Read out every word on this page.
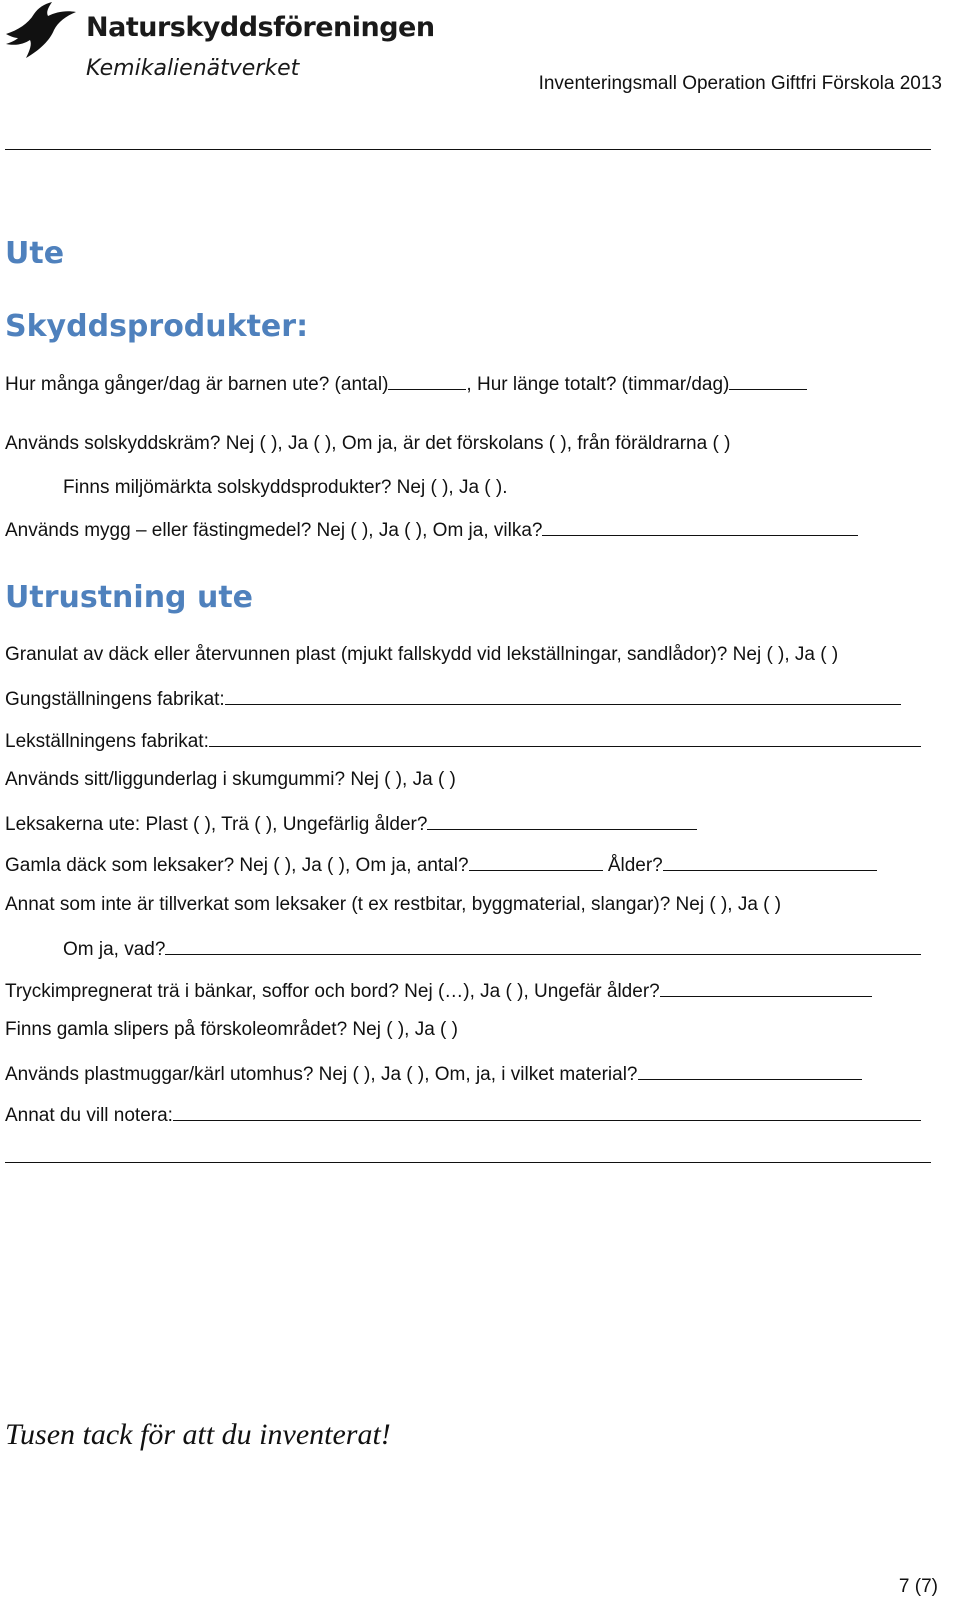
Naturskyddsföreningen
Kemikalienätverket
Inventeringsmall Operation Giftfri Förskola 2013
Ute
Skyddsprodukter:
Hur många gånger/dag är barnen ute? (antal)	, Hur länge totalt? (timmar/dag)
Används solskyddskräm? Nej ( ), Ja ( ), Om ja, är det förskolans ( ), från föräldrarna ( )
Finns miljömärkta solskyddsprodukter? Nej ( ), Ja ( ).
Används mygg – eller fästingmedel? Nej ( ), Ja ( ), Om ja, vilka?
Utrustning ute
Granulat av däck eller återvunnen plast (mjukt fallskydd vid lekställningar, sandlådor)? Nej ( ), Ja ( )
Gungställningens fabrikat:
Lekställningens fabrikat:
Används sitt/liggunderlag i skumgummi? Nej ( ), Ja ( )
Leksakerna ute: Plast ( ), Trä ( ), Ungefärlig ålder?
Gamla däck som leksaker? Nej ( ), Ja ( ), Om ja, antal?	Ålder?
Annat som inte är tillverkat som leksaker (t ex restbitar, byggmaterial, slangar)? Nej ( ), Ja ( )
Om ja, vad?
Tryckimpregnerat trä i bänkar, soffor och bord? Nej (…), Ja ( ), Ungefär ålder?
Finns gamla slipers på förskoleområdet? Nej ( ), Ja ( )
Används plastmuggar/kärl utomhus? Nej ( ), Ja ( ), Om, ja, i vilket material?
Annat du vill notera:
Tusen tack för att du inventerat!
7 (7)
